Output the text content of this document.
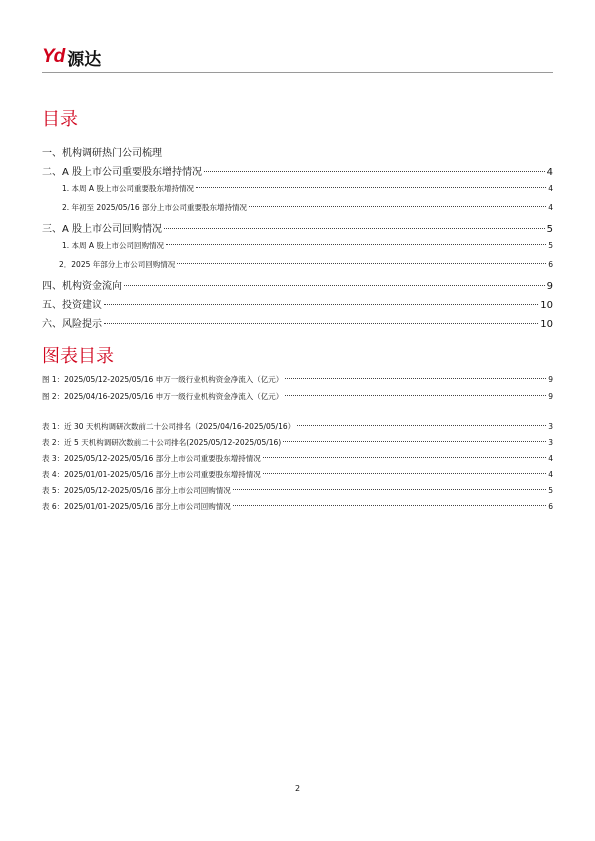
Yd 源达
目录
一、机构调研热门公司梳理
二、A 股上市公司重要股东增持情况	4
1. 本周 A 股上市公司重要股东增持情况	4
2. 年初至 2025/05/16 部分上市公司重要股东增持情况	4
三、A 股上市公司回购情况	5
1. 本周 A 股上市公司回购情况	5
2．2025 年部分上市公司回购情况	6
四、机构资金流向	9
五、投资建议	10
六、风险提示	10
图表目录
图 1：2025/05/12-2025/05/16 申万一级行业机构资金净流入（亿元）	9
图 2：2025/04/16-2025/05/16 申万一级行业机构资金净流入（亿元）	9
表 1：近 30 天机构调研次数前二十公司排名（2025/04/16-2025/05/16）	3
表 2：近 5 天机构调研次数前二十公司排名(2025/05/12-2025/05/16)	3
表 3：2025/05/12-2025/05/16 部分上市公司重要股东增持情况	4
表 4：2025/01/01-2025/05/16 部分上市公司重要股东增持情况	4
表 5：2025/05/12-2025/05/16 部分上市公司回购情况	5
表 6：2025/01/01-2025/05/16 部分上市公司回购情况	6
2
